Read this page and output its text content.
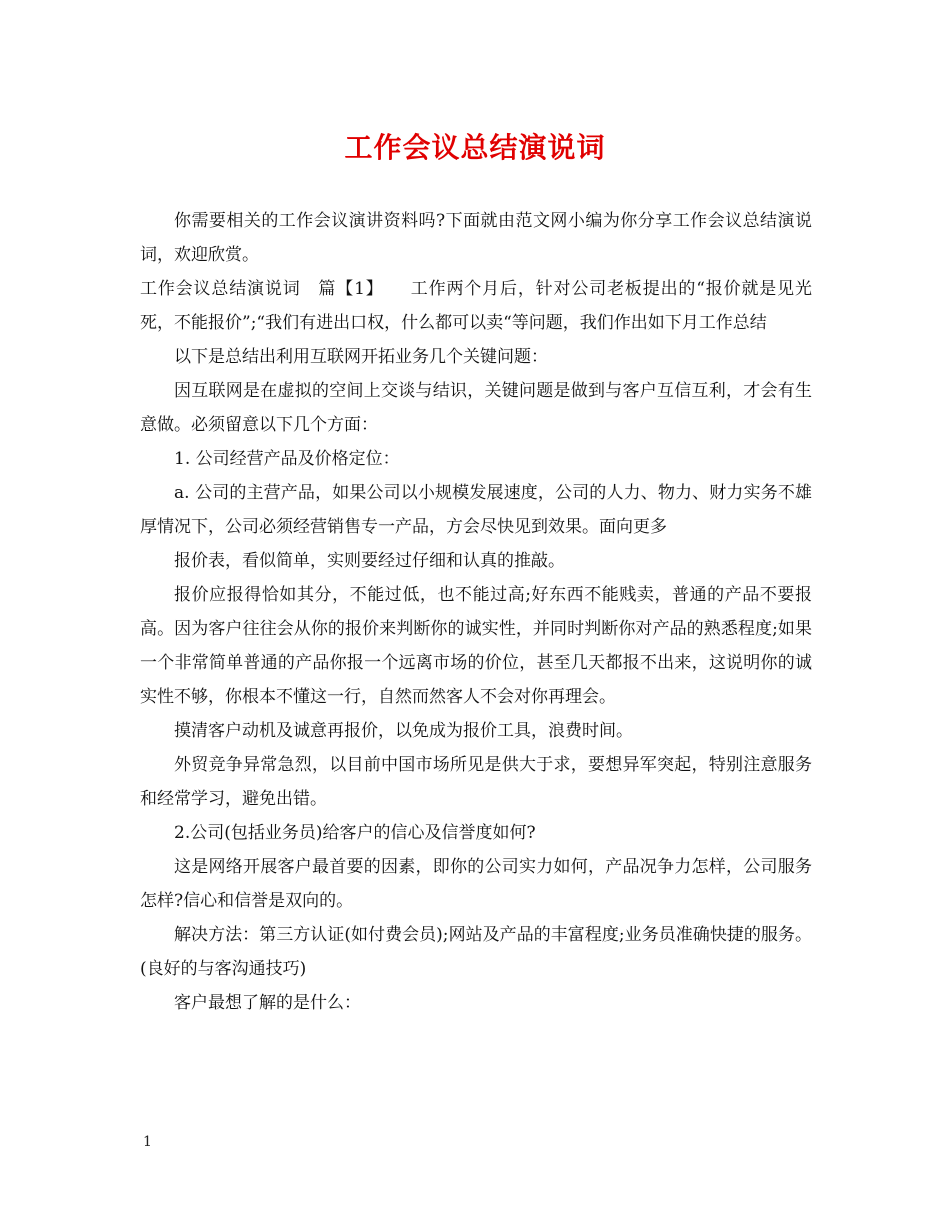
工作会议总结演说词

你需要相关的工作会议演讲资料吗?下面就由范文网小编为你分享工作会议总结演说词，欢迎欣赏。

工作会议总结演说词　篇【1】　　工作两个月后，针对公司老板提出的“报价就是见光死，不能报价”;“我们有进出口权，什么都可以卖“等问题，我们作出如下月工作总结

以下是总结出利用互联网开拓业务几个关键问题：

因互联网是在虚拟的空间上交谈与结识，关键问题是做到与客户互信互利，才会有生意做。必须留意以下几个方面：

1. 公司经营产品及价格定位：

a. 公司的主营产品，如果公司以小规模发展速度，公司的人力、物力、财力实务不雄厚情况下，公司必须经营销售专一产品，方会尽快见到效果。面向更多

报价表，看似简单，实则要经过仔细和认真的推敲。

报价应报得恰如其分，不能过低，也不能过高;好东西不能贱卖，普通的产品不要报高。因为客户往往会从你的报价来判断你的诚实性，并同时判断你对产品的熟悉程度;如果一个非常简单普通的产品你报一个远离市场的价位，甚至几天都报不出来，这说明你的诚实性不够，你根本不懂这一行，自然而然客人不会对你再理会。

摸清客户动机及诚意再报价，以免成为报价工具，浪费时间。

外贸竞争异常急烈，以目前中国市场所见是供大于求，要想异军突起，特别注意服务和经常学习，避免出错。

2.公司(包括业务员)给客户的信心及信誉度如何?

这是网络开展客户最首要的因素，即你的公司实力如何，产品况争力怎样，公司服务怎样?信心和信誉是双向的。

解决方法：第三方认证(如付费会员);网站及产品的丰富程度;业务员准确快捷的服务。(良好的与客沟通技巧)

客户最想了解的是什么：

1
